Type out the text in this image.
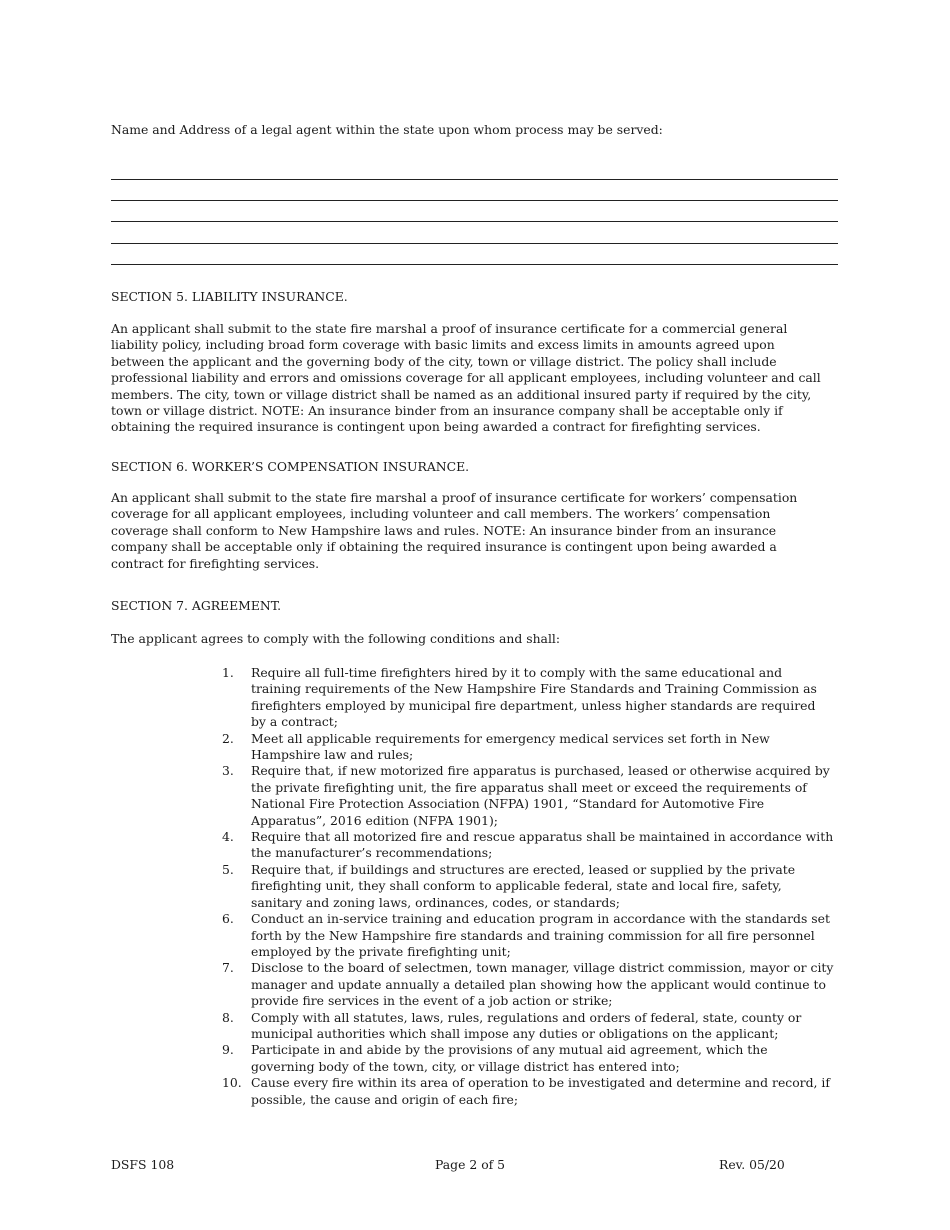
Name and Address of a legal agent within the state upon whom process may be served:

SECTION 5. LIABILITY INSURANCE.

An applicant shall submit to the state fire marshal a proof of insurance certificate for a commercial general liability policy, including broad form coverage with basic limits and excess limits in amounts agreed upon between the applicant and the governing body of the city, town or village district. The policy shall include professional liability and errors and omissions coverage for all applicant employees, including volunteer and call members. The city, town or village district shall be named as an additional insured party if required by the city, town or village district. NOTE: An insurance binder from an insurance company shall be acceptable only if obtaining the required insurance is contingent upon being awarded a contract for firefighting services.

SECTION 6. WORKER’S COMPENSATION INSURANCE.

An applicant shall submit to the state fire marshal a proof of insurance certificate for workers’ compensation coverage for all applicant employees, including volunteer and call members. The workers’ compensation coverage shall conform to New Hampshire laws and rules. NOTE: An insurance binder from an insurance company shall be acceptable only if obtaining the required insurance is contingent upon being awarded a contract for firefighting services.

SECTION 7. AGREEMENT.

The applicant agrees to comply with the following conditions and shall:

1. Require all full-time firefighters hired by it to comply with the same educational and training requirements of the New Hampshire Fire Standards and Training Commission as firefighters employed by municipal fire department, unless higher standards are required by a contract;
2. Meet all applicable requirements for emergency medical services set forth in New Hampshire law and rules;
3. Require that, if new motorized fire apparatus is purchased, leased or otherwise acquired by the private firefighting unit, the fire apparatus shall meet or exceed the requirements of National Fire Protection Association (NFPA) 1901, “Standard for Automotive Fire Apparatus”, 2016 edition (NFPA 1901);
4. Require that all motorized fire and rescue apparatus shall be maintained in accordance with the manufacturer’s recommendations;
5. Require that, if buildings and structures are erected, leased or supplied by the private firefighting unit, they shall conform to applicable federal, state and local fire, safety, sanitary and zoning laws, ordinances, codes, or standards;
6. Conduct an in-service training and education program in accordance with the standards set forth by the New Hampshire fire standards and training commission for all fire personnel employed by the private firefighting unit;
7. Disclose to the board of selectmen, town manager, village district commission, mayor or city manager and update annually a detailed plan showing how the applicant would continue to provide fire services in the event of a job action or strike;
8. Comply with all statutes, laws, rules, regulations and orders of federal, state, county or municipal authorities which shall impose any duties or obligations on the applicant;
9. Participate in and abide by the provisions of any mutual aid agreement, which the governing body of the town, city, or village district has entered into;
10. Cause every fire within its area of operation to be investigated and determine and record, if possible, the cause and origin of each fire;
DSFS 108	Page 2 of 5	Rev. 05/20
